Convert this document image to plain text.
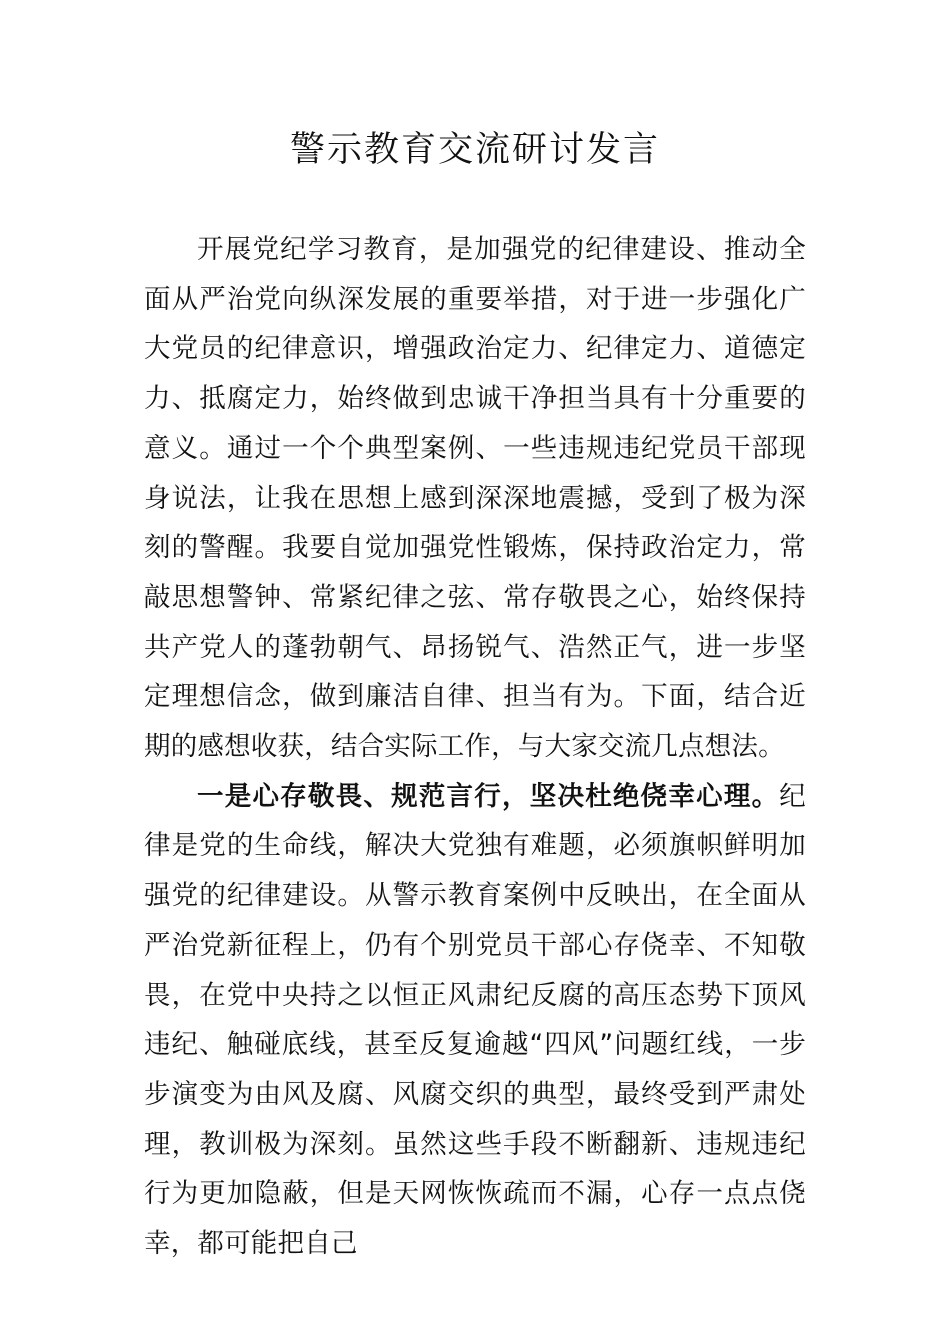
警示教育交流研讨发言

开展党纪学习教育，是加强党的纪律建设、推动全面从严治党向纵深发展的重要举措，对于进一步强化广大党员的纪律意识，增强政治定力、纪律定力、道德定力、抵腐定力，始终做到忠诚干净担当具有十分重要的意义。通过一个个典型案例、一些违规违纪党员干部现身说法，让我在思想上感到深深地震撼，受到了极为深刻的警醒。我要自觉加强党性锻炼，保持政治定力，常敲思想警钟、常紧纪律之弦、常存敬畏之心，始终保持共产党人的蓬勃朝气、昂扬锐气、浩然正气，进一步坚定理想信念，做到廉洁自律、担当有为。下面，结合近期的感想收获，结合实际工作，与大家交流几点想法。

一是心存敬畏、规范言行，坚决杜绝侥幸心理。纪律是党的生命线，解决大党独有难题，必须旗帜鲜明加强党的纪律建设。从警示教育案例中反映出，在全面从严治党新征程上，仍有个别党员干部心存侥幸、不知敬畏，在党中央持之以恒正风肃纪反腐的高压态势下顶风违纪、触碰底线，甚至反复逾越“四风”问题红线，一步步演变为由风及腐、风腐交织的典型，最终受到严肃处理，教训极为深刻。虽然这些手段不断翻新、违规违纪行为更加隐蔽，但是天网恢恢疏而不漏，心存一点点侥幸，都可能把自己
